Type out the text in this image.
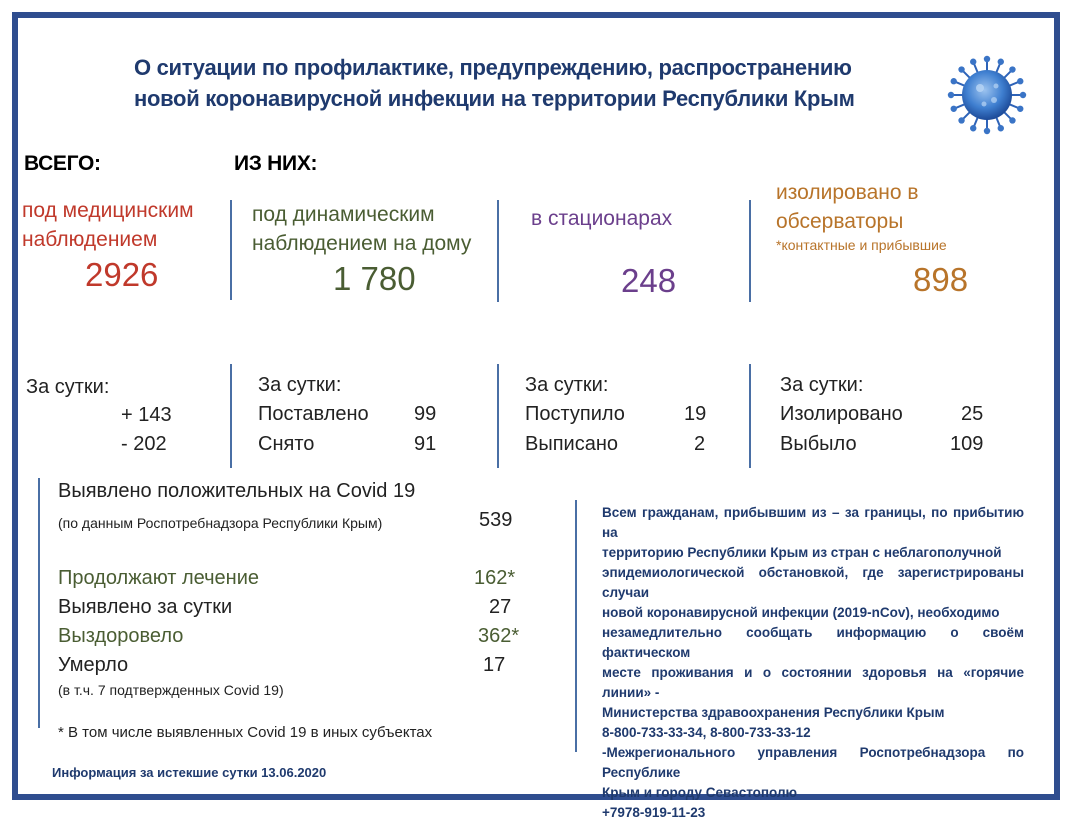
О ситуации по профилактике, предупреждению, распространению
новой коронавирусной инфекции на территории Республики Крым
ВСЕГО:	ИЗ НИХ:
под медицинским
наблюдением
2926
под динамическим
наблюдением на дому
1 780
в стационарах
248
изолировано в
обсерваторы
*контактные и прибывшие
898
За сутки:
+ 143
- 202
За сутки:
Поставлено 99
Снято	91
За сутки:
Поступило	19
Выписано	2
За сутки:
Изолировано	25
Выбыло	109
Выявлено положительных на Covid 19
(по данным Роспотребнадзора Республики Крым)	539
Продолжают лечение	162*
Выявлено за сутки	27
Выздоровело	362*
Умерло	17
(в т.ч. 7 подтвержденных Covid 19)
* В том числе выявленных Covid 19 в иных субъектах
Всем гражданам, прибывшим из – за границы, по прибытию на
территорию Республики Крым из стран с неблагополучной
эпидемиологической обстановкой, где зарегистрированы случаи
новой коронавирусной инфекции (2019-nCov), необходимо
незамедлительно сообщать информацию о своём фактическом
месте проживания и о состоянии здоровья на «горячие линии» -
Министерства здравоохранения Республики Крым
8-800-733-33-34, 8-800-733-33-12
-Межрегионального управления Роспотребнадзора по Республике
Крым и городу Севастополю
+7978-919-11-23
Информация за истекшие сутки 13.06.2020
